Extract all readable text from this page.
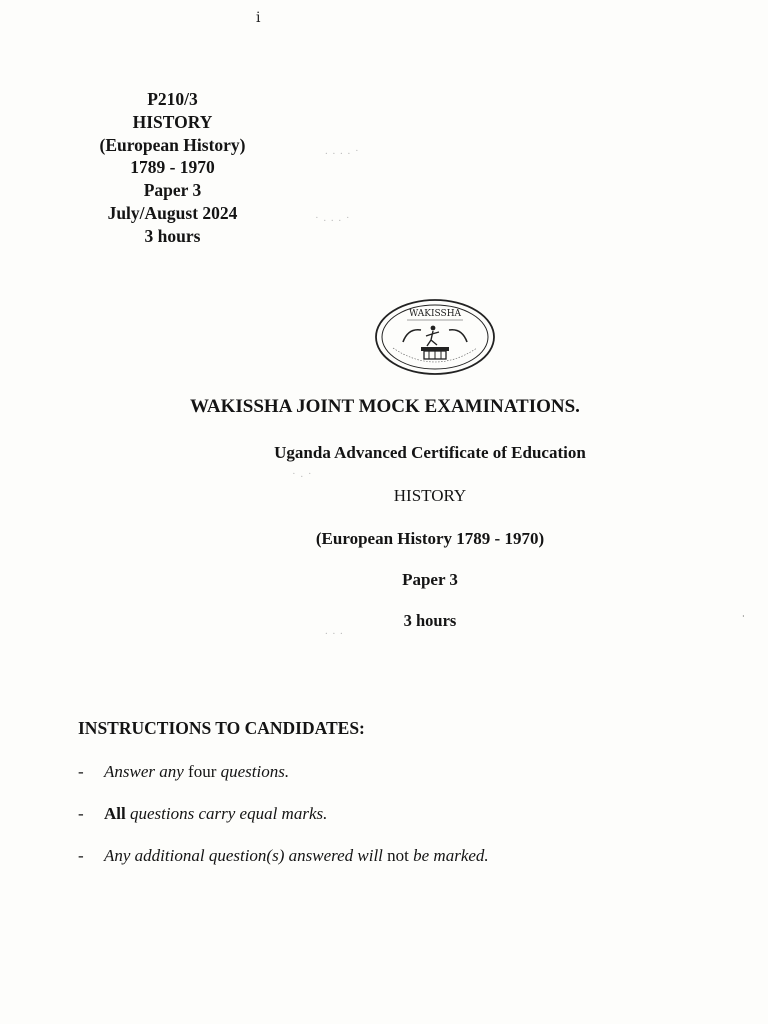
ⅰ
P210/3
HISTORY
(European History)
1789 - 1970
Paper 3
July/August 2024
3 hours
. . . . ·
· . . . ·
· . ·
. . .
·
WAKISSHA
WAKISSHA JOINT MOCK EXAMINATIONS.
Uganda Advanced Certificate of Education
HISTORY
(European History 1789 - 1970)
Paper 3
3 hours
INSTRUCTIONS TO CANDIDATES:
- Answer any four questions.
- All questions carry equal marks.
- Any additional question(s) answered will not be marked.
